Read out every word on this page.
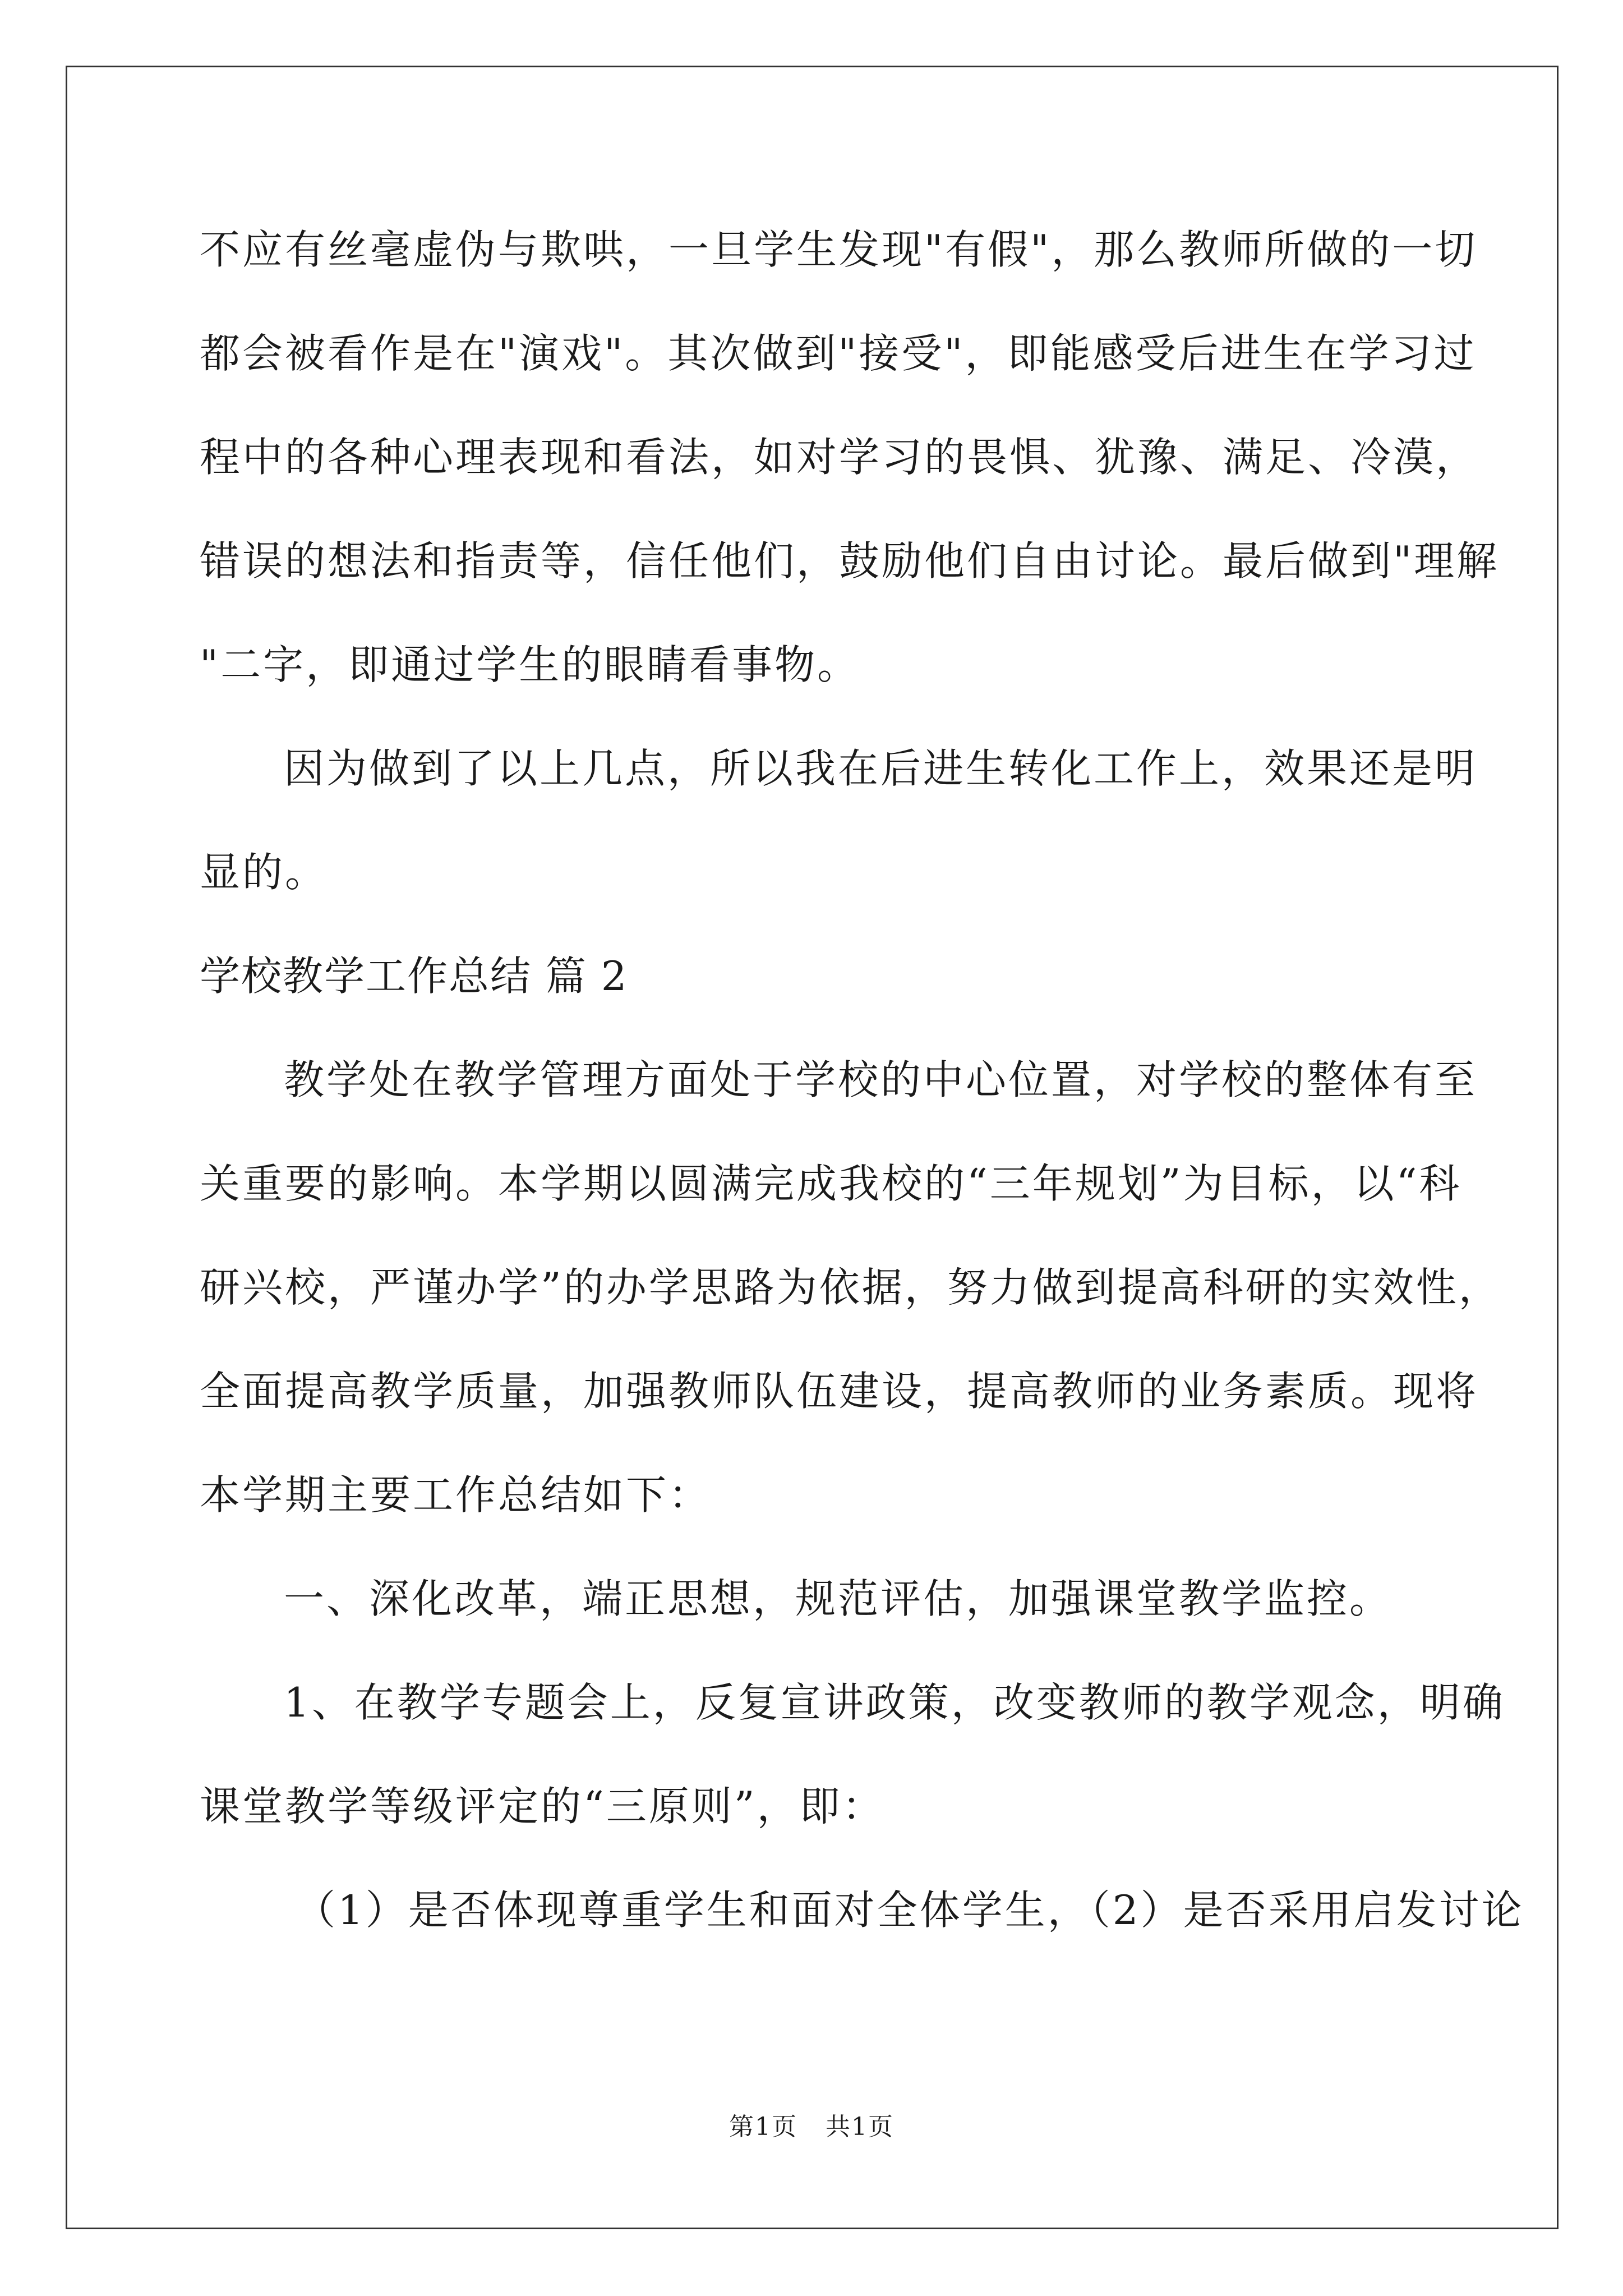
不应有丝毫虚伪与欺哄，一旦学生发现"有假"，那么教师所做的一切
都会被看作是在"演戏"。其次做到"接受"，即能感受后进生在学习过
程中的各种心理表现和看法，如对学习的畏惧、犹豫、满足、冷漠，
错误的想法和指责等，信任他们，鼓励他们自由讨论。最后做到"理解
"二字，即通过学生的眼睛看事物。
因为做到了以上几点，所以我在后进生转化工作上，效果还是明
显的。
学校教学工作总结 篇 2
教学处在教学管理方面处于学校的中心位置，对学校的整体有至
关重要的影响。本学期以圆满完成我校的“三年规划”为目标，以“科
研兴校，严谨办学”的办学思路为依据，努力做到提高科研的实效性，
全面提高教学质量，加强教师队伍建设，提高教师的业务素质。现将
本学期主要工作总结如下：
一、深化改革，端正思想，规范评估，加强课堂教学监控。
1、在教学专题会上，反复宣讲政策，改变教师的教学观念，明确
课堂教学等级评定的“三原则”，即：
（1）是否体现尊重学生和面对全体学生，（2）是否采用启发讨论
第1页 共1页
